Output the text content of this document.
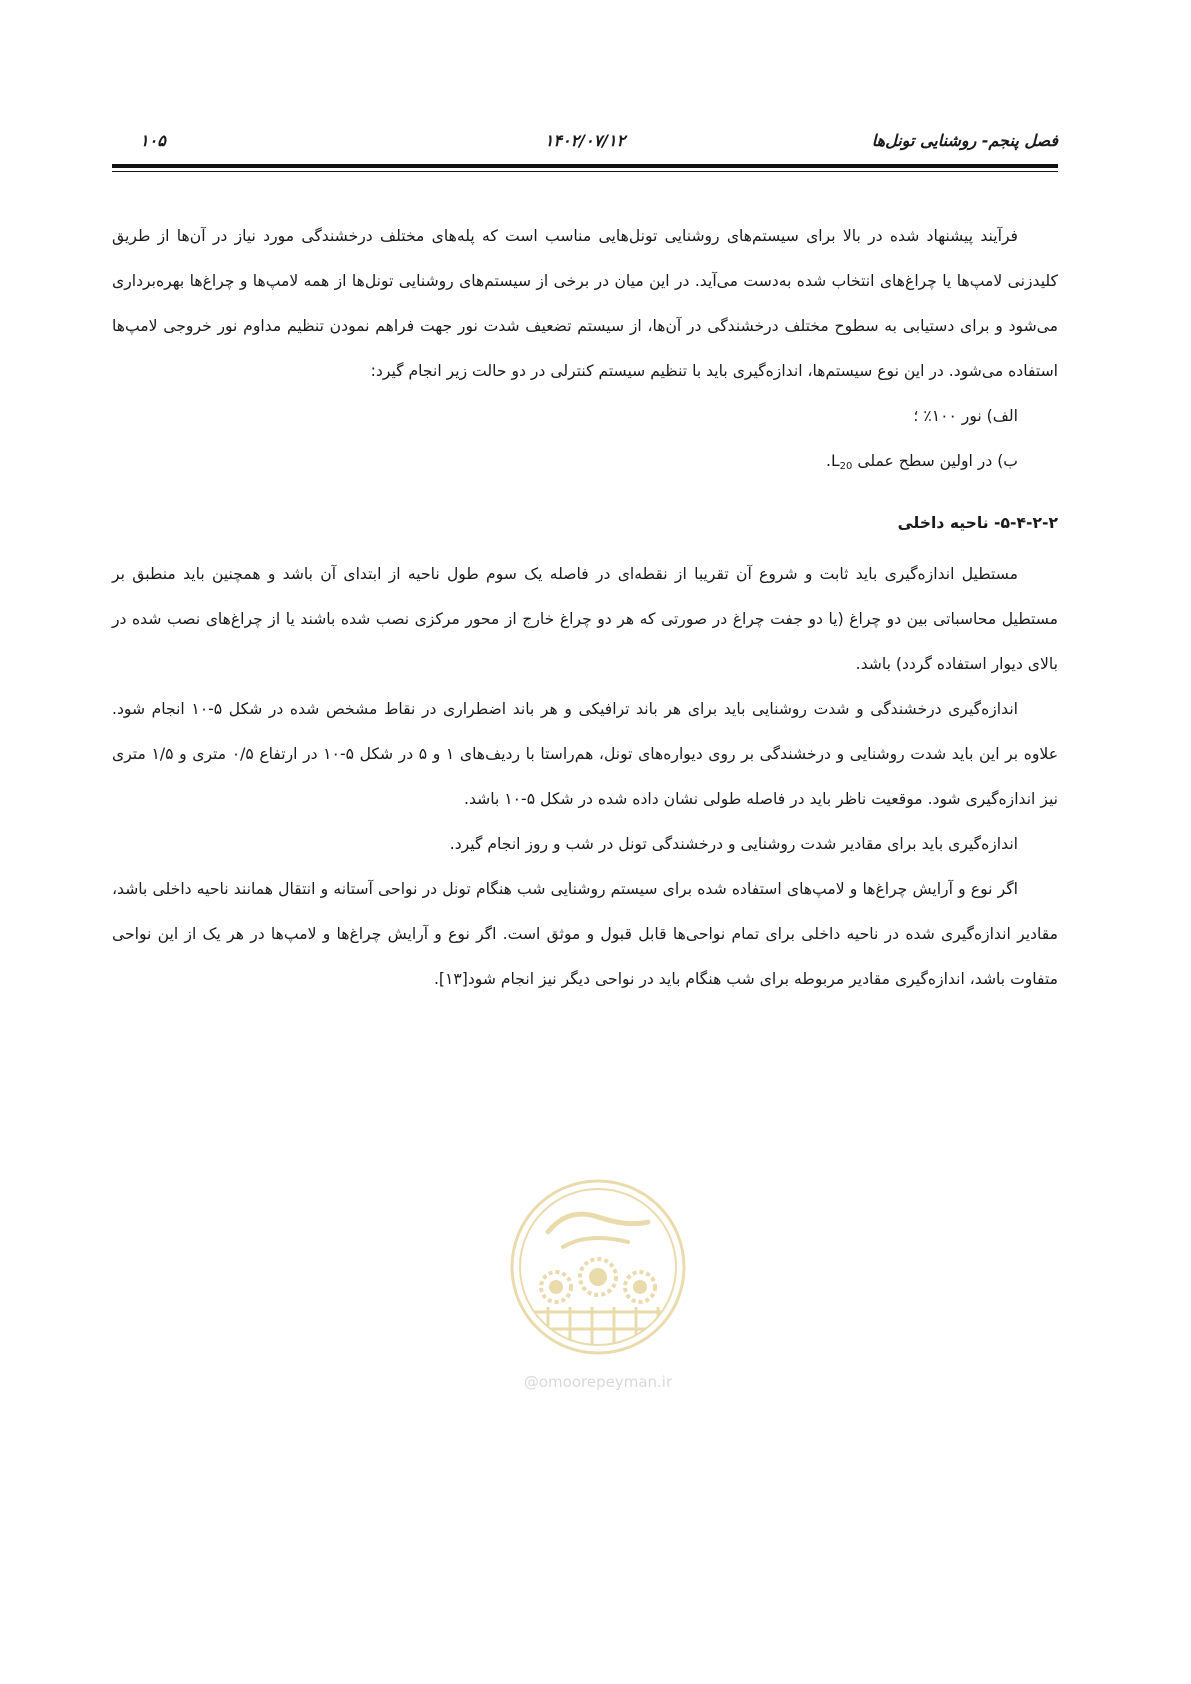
فصل پنجم- روشنایی تونل‌ها
۱۴۰۲/۰۷/۱۲
۱۰۵

فرآیند پیشنهاد شده در بالا برای سیستم‌های روشنایی تونل‌هایی مناسب است که پله‌های مختلف درخشندگی مورد نیاز در آن‌ها از طریق کلیدزنی لامپ‌ها یا چراغ‌های انتخاب شده به‌دست می‌آید. در این میان در برخی از سیستم‌های روشنایی تونل‌ها از همه لامپ‌ها و چراغ‌ها بهره‌برداری می‌شود و برای دستیابی به سطوح مختلف درخشندگی در آن‌ها، از سیستم تضعیف شدت نور جهت فراهم نمودن تنظیم مداوم نور خروجی لامپ‌ها استفاده می‌شود. در این نوع سیستم‌ها، اندازه‌گیری باید با تنظیم سیستم کنترلی در دو حالت زیر انجام گیرد:

الف) نور ۱۰۰٪ ؛

ب) در اولین سطح عملی $L_{20}$.

۵-۴-۲-۲- ناحیه داخلی

مستطیل اندازه‌گیری باید ثابت و شروع آن تقریبا از نقطه‌ای در فاصله یک سوم طول ناحیه از ابتدای آن باشد و همچنین باید منطبق بر مستطیل محاسباتی بین دو چراغ (یا دو جفت چراغ در صورتی که هر دو چراغ خارج از محور مرکزی نصب شده باشند یا از چراغ‌های نصب شده در بالای دیوار استفاده گردد) باشد.

اندازه‌گیری درخشندگی و شدت روشنایی باید برای هر باند ترافیکی و هر باند اضطراری در نقاط مشخص شده در شکل ۵-۱۰ انجام شود. علاوه بر این باید شدت روشنایی و درخشندگی بر روی دیواره‌های تونل، هم‌راستا با ردیف‌های ۱ و ۵ در شکل ۵-۱۰ در ارتفاع ۰/۵ متری و ۱/۵ متری نیز اندازه‌گیری شود. موقعیت ناظر باید در فاصله طولی نشان داده شده در شکل ۵-۱۰ باشد.

اندازه‌گیری باید برای مقادیر شدت روشنایی و درخشندگی تونل در شب و روز انجام گیرد.

اگر نوع و آرایش چراغ‌ها و لامپ‌های استفاده شده برای سیستم روشنایی شب هنگام تونل در نواحی آستانه و انتقال همانند ناحیه داخلی باشد، مقادیر اندازه‌گیری شده در ناحیه داخلی برای تمام نواحی‌ها قابل قبول و موثق است. اگر نوع و آرایش چراغ‌ها و لامپ‌ها در هر یک از این نواحی متفاوت باشد، اندازه‌گیری مقادیر مربوطه برای شب هنگام باید در نواحی دیگر نیز انجام شود[۱۳].

@omoorepeyman.ir
